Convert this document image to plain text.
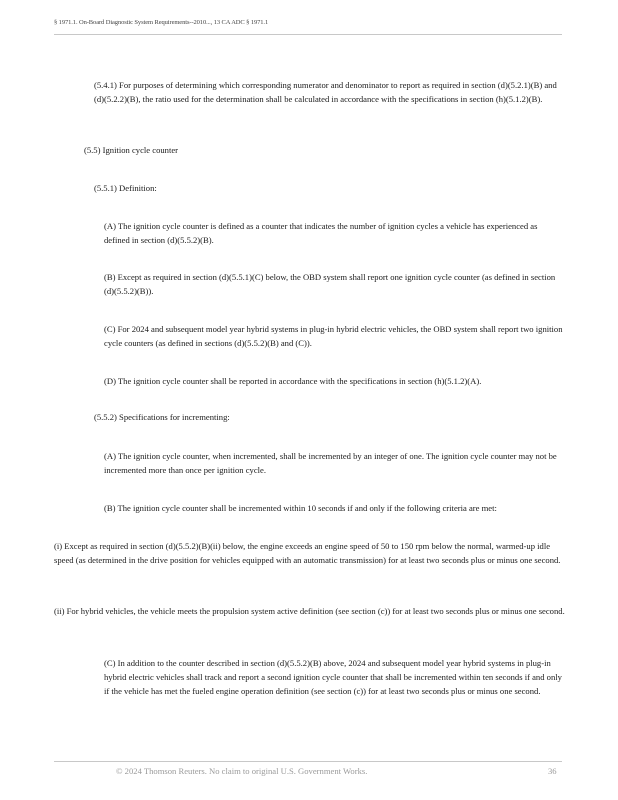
§ 1971.1. On-Board Diagnostic System Requirements--2010..., 13 CA ADC § 1971.1

(5.4.1) For purposes of determining which corresponding numerator and denominator to report as required in section (d)(5.2.1)(B) and (d)(5.2.2)(B), the ratio used for the determination shall be calculated in accordance with the specifications in section (h)(5.1.2)(B).

(5.5) Ignition cycle counter

(5.5.1) Definition:

(A) The ignition cycle counter is defined as a counter that indicates the number of ignition cycles a vehicle has experienced as defined in section (d)(5.5.2)(B).

(B) Except as required in section (d)(5.5.1)(C) below, the OBD system shall report one ignition cycle counter (as defined in section (d)(5.5.2)(B)).

(C) For 2024 and subsequent model year hybrid systems in plug-in hybrid electric vehicles, the OBD system shall report two ignition cycle counters (as defined in sections (d)(5.5.2)(B) and (C)).

(D) The ignition cycle counter shall be reported in accordance with the specifications in section (h)(5.1.2)(A).

(5.5.2) Specifications for incrementing:

(A) The ignition cycle counter, when incremented, shall be incremented by an integer of one. The ignition cycle counter may not be incremented more than once per ignition cycle.

(B) The ignition cycle counter shall be incremented within 10 seconds if and only if the following criteria are met:

(i) Except as required in section (d)(5.5.2)(B)(ii) below, the engine exceeds an engine speed of 50 to 150 rpm below the normal, warmed-up idle speed (as determined in the drive position for vehicles equipped with an automatic transmission) for at least two seconds plus or minus one second.

(ii) For hybrid vehicles, the vehicle meets the propulsion system active definition (see section (c)) for at least two seconds plus or minus one second.

(C) In addition to the counter described in section (d)(5.5.2)(B) above, 2024 and subsequent model year hybrid systems in plug-in hybrid electric vehicles shall track and report a second ignition cycle counter that shall be incremented within ten seconds if and only if the vehicle has met the fueled engine operation definition (see section (c)) for at least two seconds plus or minus one second.

© 2024 Thomson Reuters. No claim to original U.S. Government Works.	36
